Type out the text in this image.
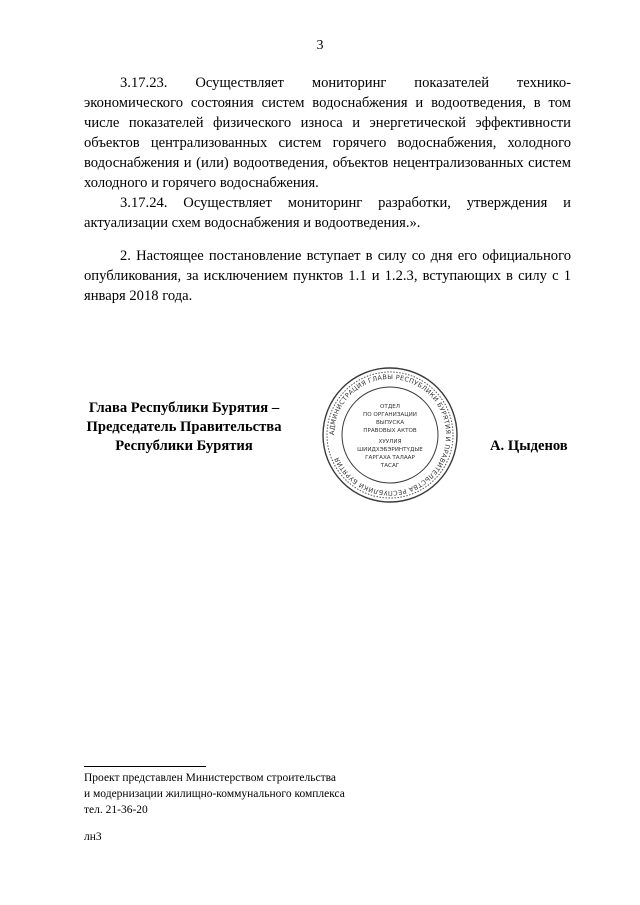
3

3.17.23. Осуществляет мониторинг показателей технико-экономического состояния систем водоснабжения и водоотведения, в том числе показателей физического износа и энергетической эффективности объектов централизованных систем горячего водоснабжения, холодного водоснабжения и (или) водоотведения, объектов нецентрализованных систем холодного и горячего водоснабжения.

3.17.24. Осуществляет мониторинг разработки, утверждения и актуализации схем водоснабжения и водоотведения.».

2. Настоящее постановление вступает в силу со дня его официального опубликования, за исключением пунктов 1.1 и 1.2.3, вступающих в силу с 1 января 2018 года.

Глава Республики Бурятия –
Председатель Правительства
Республики Бурятия
АДМИНИСТРАЦИЯ ГЛАВЫ РЕСПУБЛИКИ БУРЯТИЯ И ПРАВИТЕЛЬСТВА РЕСПУБЛИКИ БУРЯТИЯ
ОТДЕЛ
ПО ОРГАНИЗАЦИИ
ВЫПУСКА
ПРАВОВЫХ АКТОВ
ХУУЛИЯ
ШИИДХЭБЭРИНТҮДЫЕ
ГАРГАХА ТАЛААР
ТАСАГ
А. Цыденов
Проект представлен Министерством строительства
и модернизации жилищно-коммунального комплекса
тел. 21-36-20
лн3
